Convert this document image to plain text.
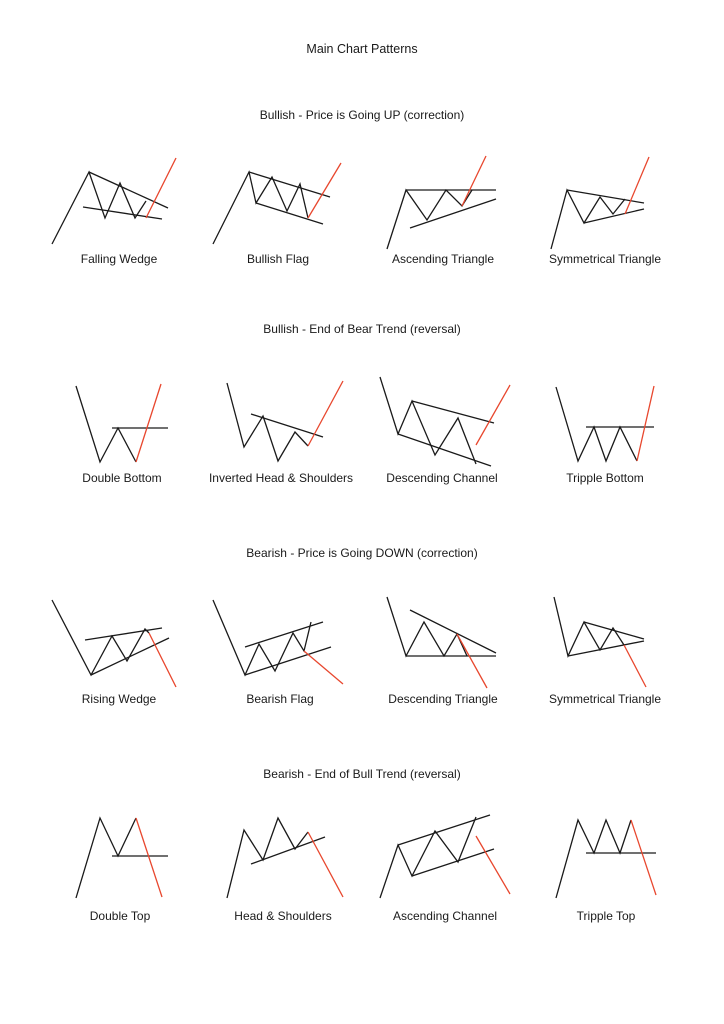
Main Chart Patterns
Bullish - Price is Going UP (correction)
Bullish - End of Bear Trend (reversal)
Bearish - Price is Going DOWN (correction)
Bearish - End of Bull Trend (reversal)
Falling Wedge	Bullish Flag	Ascending Triangle	Symmetrical Triangle
Double Bottom	Inverted Head & Shoulders	Descending Channel	Tripple Bottom
Rising Wedge	Bearish Flag	Descending Triangle	Symmetrical Triangle
Double Top	Head & Shoulders	Ascending Channel	Tripple Top
